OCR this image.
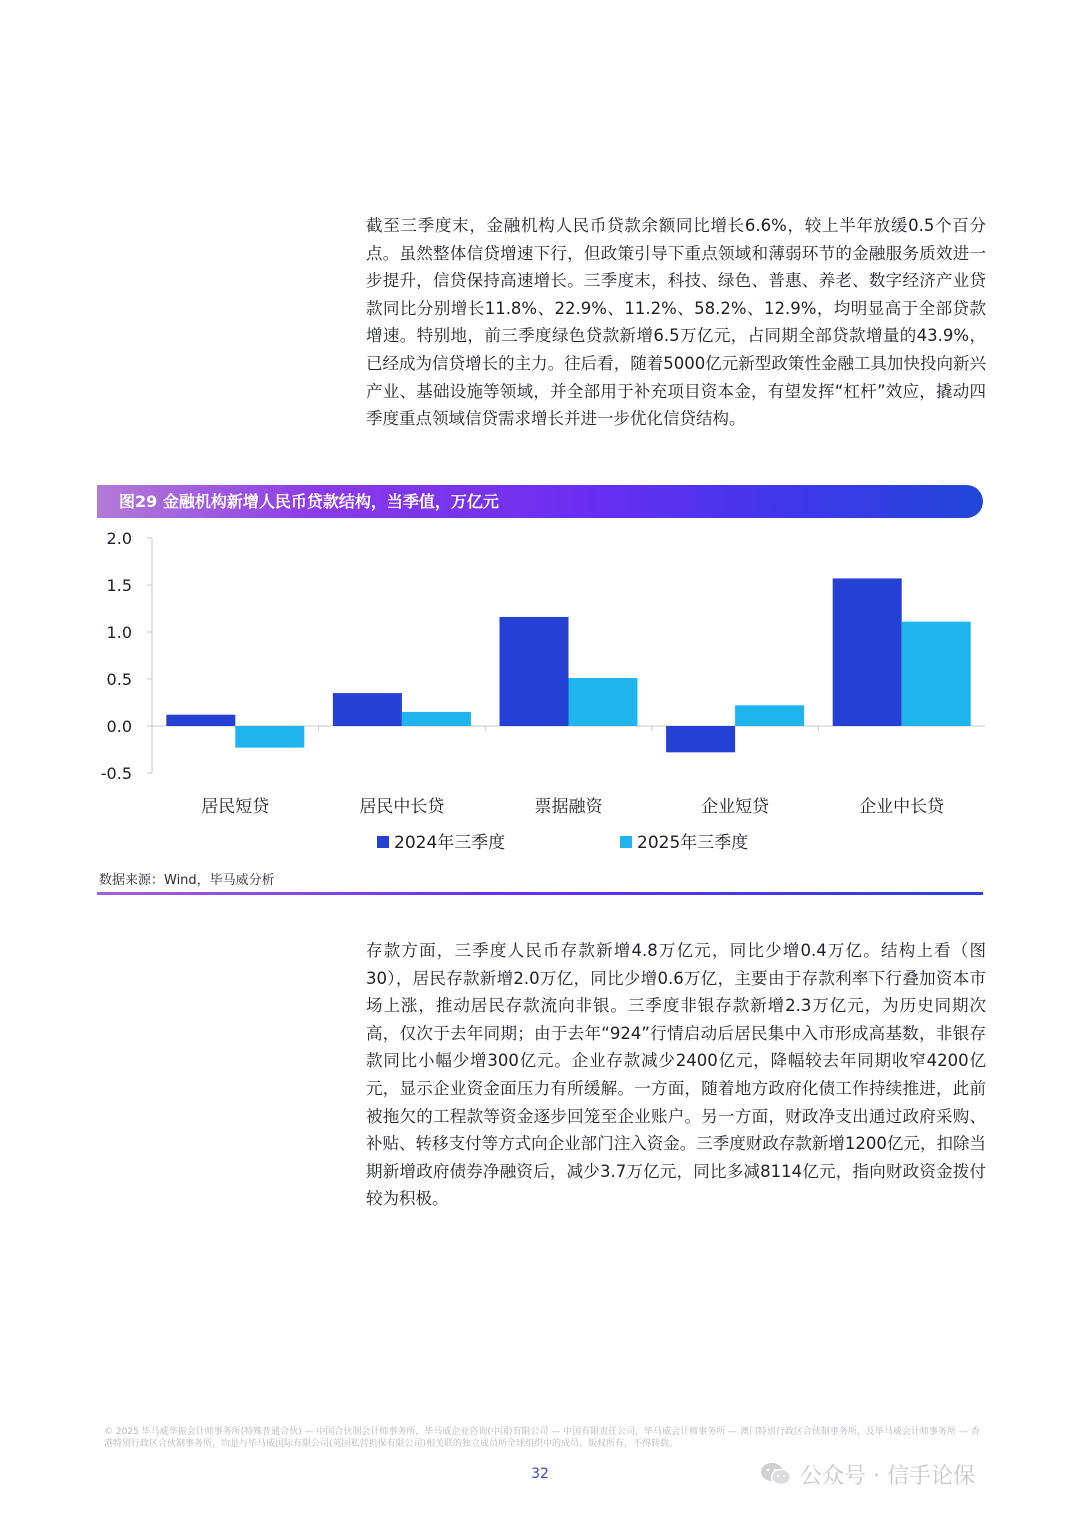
截至三季度末，金融机构人民币贷款余额同比增长6.6%，较上半年放缓0.5个百分点。虽然整体信贷增速下行，但政策引导下重点领域和薄弱环节的金融服务质效进一步提升，信贷保持高速增长。三季度末，科技、绿色、普惠、养老、数字经济产业贷款同比分别增长11.8%、22.9%、11.2%、58.2%、12.9%，均明显高于全部贷款增速。特别地，前三季度绿色贷款新增6.5万亿元，占同期全部贷款增量的43.9%，已经成为信贷增长的主力。往后看，随着5000亿元新型政策性金融工具加快投向新兴产业、基础设施等领域，并全部用于补充项目资本金，有望发挥“杠杆”效应，撬动四季度重点领域信贷需求增长并进一步优化信贷结构。

图29 金融机构新增人民币贷款结构，当季值，万亿元
2.0
1.5
1.0
0.5
0.0
-0.5
居民短贷	居民中长贷	票据融资	企业短贷	企业中长贷
2024年三季度	2025年三季度
数据来源：Wind，毕马威分析

存款方面，三季度人民币存款新增4.8万亿元，同比少增0.4万亿。结构上看（图30），居民存款新增2.0万亿，同比少增0.6万亿，主要由于存款利率下行叠加资本市场上涨，推动居民存款流向非银。三季度非银存款新增2.3万亿元，为历史同期次高，仅次于去年同期；由于去年“924”行情启动后居民集中入市形成高基数，非银存款同比小幅少增300亿元。企业存款减少2400亿元，降幅较去年同期收窄4200亿元，显示企业资金面压力有所缓解。一方面，随着地方政府化债工作持续推进，此前被拖欠的工程款等资金逐步回笼至企业账户。另一方面，财政净支出通过政府采购、补贴、转移支付等方式向企业部门注入资金。三季度财政存款新增1200亿元，扣除当期新增政府债券净融资后，减少3.7万亿元，同比多减8114亿元，指向财政资金拨付较为积极。

© 2025 毕马威华振会计师事务所(特殊普通合伙) — 中国合伙制会计师事务所，毕马威企业咨询(中国)有限公司 — 中国有限责任公司，毕马威会计师事务所 — 澳门特别行政区合伙制事务所，及毕马威会计师事务所 — 香港特别行政区合伙制事务所，均是与毕马威国际有限公司(英国私营担保有限公司)相关联的独立成员所全球组织中的成员。版权所有，不得转载。
32	公众号 · 信手论保
